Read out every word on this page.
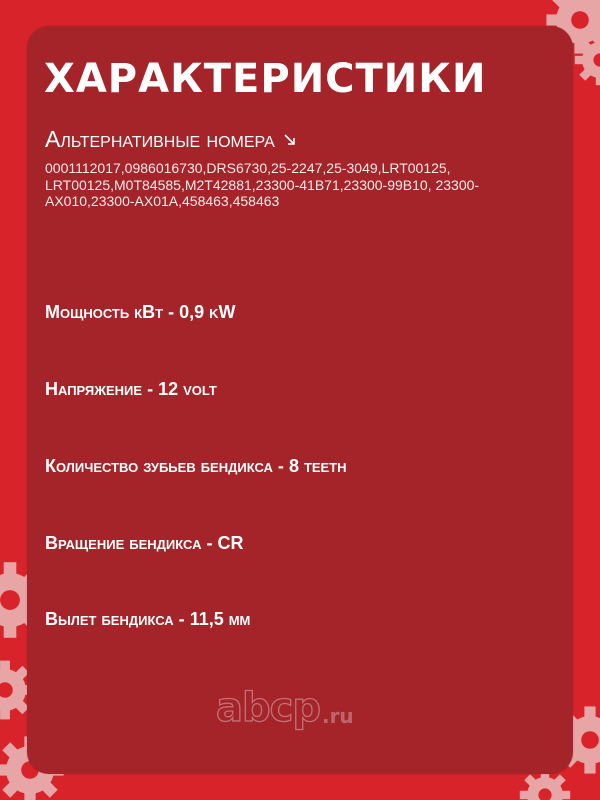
ХАРАКТЕРИСТИКИ
Альтернативные номера
0001112017,0986016730,DRS6730,25-2247,25-3049,LRT00125, LRT00125,M0T84585,M2T42881,23300-41B71,23300-99B10, 23300-AX010,23300-AX01A,458463,458463
Мощность кВт - 0,9 kW
Напряжение - 12 volt
Количество зубьев бендикса - 8 teeth
Вращение бендикса - CR
Вылет бендикса - 11,5 мм
abcp .ru
